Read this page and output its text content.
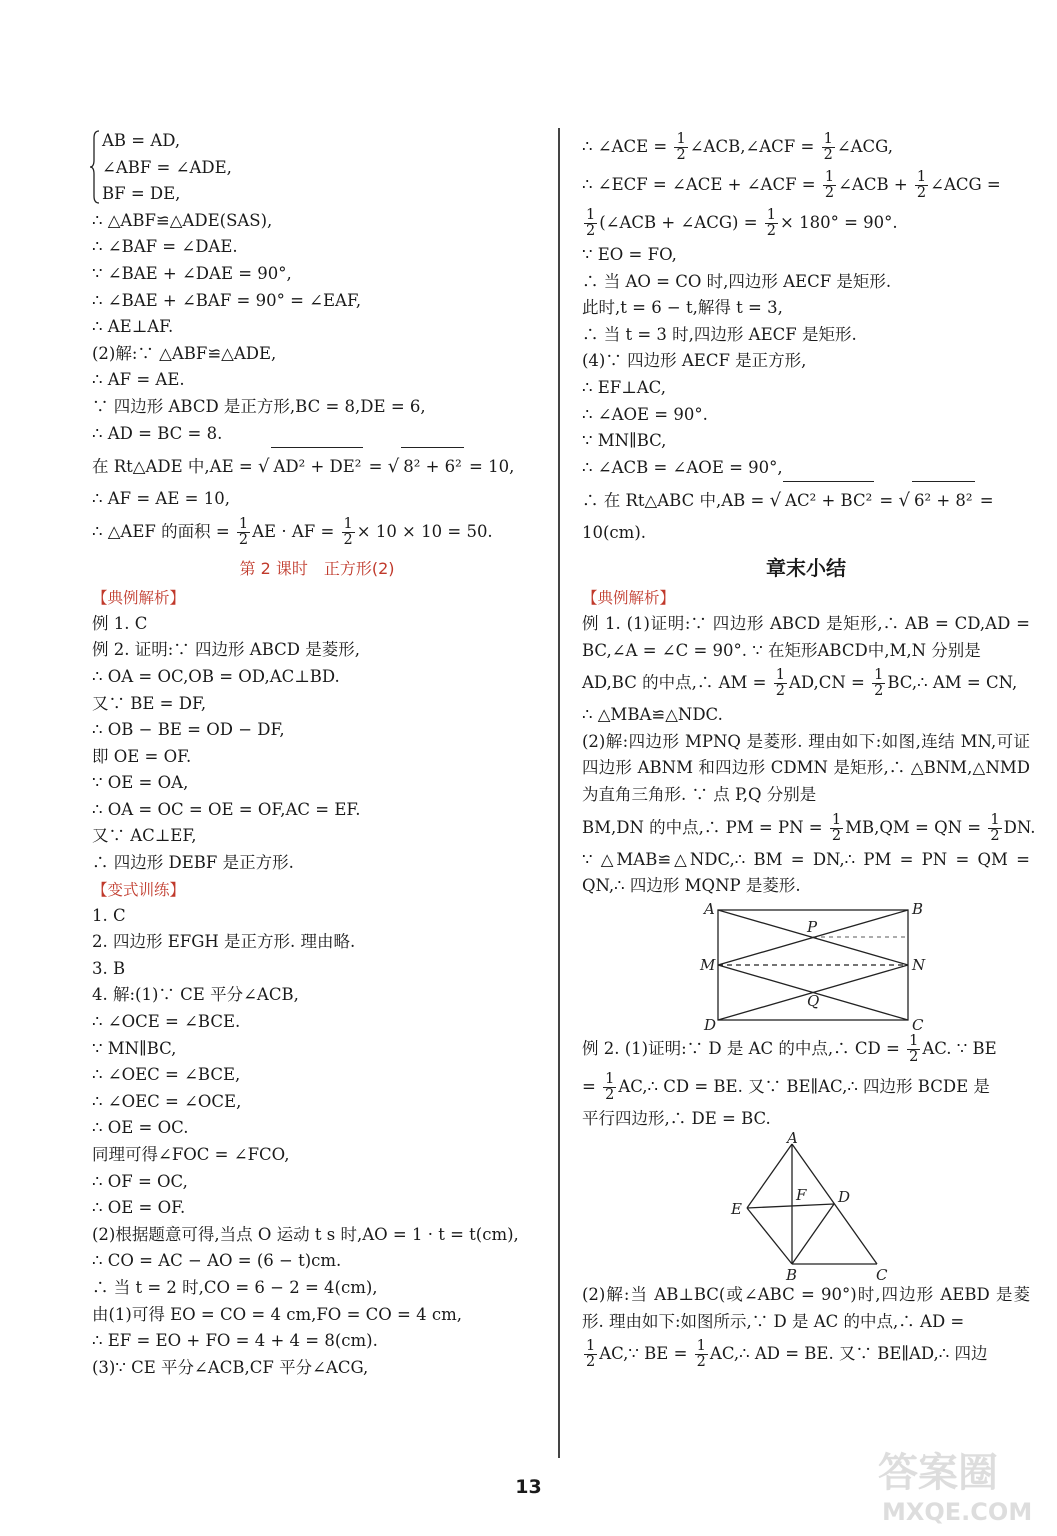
AB = AD,
∠ABF = ∠ADE,
BF = DE,
∴ △ABF≌△ADE(SAS),
∴ ∠BAF = ∠DAE.
∵ ∠BAE + ∠DAE = 90°,
∴ ∠BAE + ∠BAF = 90° = ∠EAF,
∴ AE⊥AF.
(2)解:∵ △ABF≌△ADE,
∴ AF = AE.
∵ 四边形 ABCD 是正方形,BC = 8,DE = 6,
∴ AD = BC = 8.
在 Rt△ADE 中,AE = √ AD² + DE² = √ 8² + 6² = 10,
∴ AF = AE = 10,
∴ △AEF 的面积 = $\frac{1}{2}$ AE · AF = $\frac{1}{2} \times 10 \times 10 = 50$.
第 2 课时 正方形(2)
【典例解析】
例 1. C
例 2. 证明:∵ 四边形 ABCD 是菱形,
∴ OA = OC,OB = OD,AC⊥BD.
又∵ BE = DF,
∴ OB − BE = OD − DF,
即 OE = OF.
∵ OE = OA,
∴ OA = OC = OE = OF,AC = EF.
又∵ AC⊥EF,
∴ 四边形 DEBF 是正方形.
【变式训练】
1. C
2. 四边形 EFGH 是正方形. 理由略.
3. B
4. 解:(1)∵ CE 平分∠ACB,
∴ ∠OCE = ∠BCE.
∵ MN∥BC,
∴ ∠OEC = ∠BCE,
∴ ∠OEC = ∠OCE,
∴ OE = OC.
同理可得∠FOC = ∠FCO,
∴ OF = OC,
∴ OE = OF.
(2)根据题意可得,当点 O 运动 t s 时,AO = 1 · t = t(cm),
∴ CO = AC − AO = (6 − t)cm.
∴ 当 t = 2 时,CO = 6 − 2 = 4(cm),
由(1)可得 EO = CO = 4 cm,FO = CO = 4 cm,
∴ EF = EO + FO = 4 + 4 = 8(cm).
(3)∵ CE 平分∠ACB,CF 平分∠ACG,
∴ ∠ACE = $\frac{1}{2}$ ∠ACB,∠ACF = $\frac{1}{2}$ ∠ACG,
∴ ∠ECF = ∠ACE + ∠ACF = $\frac{1}{2}$ ∠ACB + $\frac{1}{2}$ ∠ACG =
$\frac{1}{2}$ (∠ACB + ∠ACG) = $\frac{1}{2} \times 180^\circ = 90^\circ$.
∵ EO = FO,
∴ 当 AO = CO 时,四边形 AECF 是矩形.
此时,t = 6 − t,解得 t = 3,
∴ 当 t = 3 时,四边形 AECF 是矩形.
(4)∵ 四边形 AECF 是正方形,
∴ EF⊥AC,
∴ ∠AOE = 90°.
∵ MN∥BC,
∴ ∠ACB = ∠AOE = 90°,
∴ 在 Rt△ABC 中,AB = √ AC² + BC² = √ 6² + 8² =
10(cm).
章末小结
【典例解析】
例 1. (1)证明:∵ 四边形 ABCD 是矩形,∴ AB = CD,AD = BC,∠A = ∠C = 90°. ∵ 在矩形ABCD中,M,N 分别是
AD,BC 的中点,∴ AM = $\frac{1}{2} AD,CN = \frac{1}{2}$ BC,∴ AM = CN,
∴ △MBA≌△NDC.
(2)解:四边形 MPNQ 是菱形. 理由如下:如图,连结 MN,可证四边形 ABNM 和四边形 CDMN 是矩形,∴ △BNM,△NMD 为直角三角形. ∵ 点 P,Q 分别是
BM,DN 的中点,∴ PM = PN = $\frac{1}{2} MB,QM$ = QN = $\frac{1}{2}$ DN.
∵ △MAB≌△NDC,∴ BM = DN,∴ PM = PN = QM = QN,∴ 四边形 MQNP 是菱形.
A	B
C
D
M	N
P
Q
例 2. (1)证明:∵ D 是 AC 的中点,∴ CD = $\frac{1}{2}$ AC. ∵ BE
= $\frac{1}{2}$ AC,∴ CD = BE. 又∵ BE∥AC,∴ 四边形 BCDE 是
平行四边形,∴ DE = BC.
A
E
F D
B	C
(2)解:当 AB⊥BC(或∠ABC = 90°)时,四边形 AEBD 是菱形. 理由如下:如图所示,∵ D 是 AC 的中点,∴ AD =
$\frac{1}{2}$ AC,∵ BE = $\frac{1}{2}$ AC,∴ AD = BE. 又∵ BE∥AD,∴ 四边
13	答案圈
MXQE.COM
